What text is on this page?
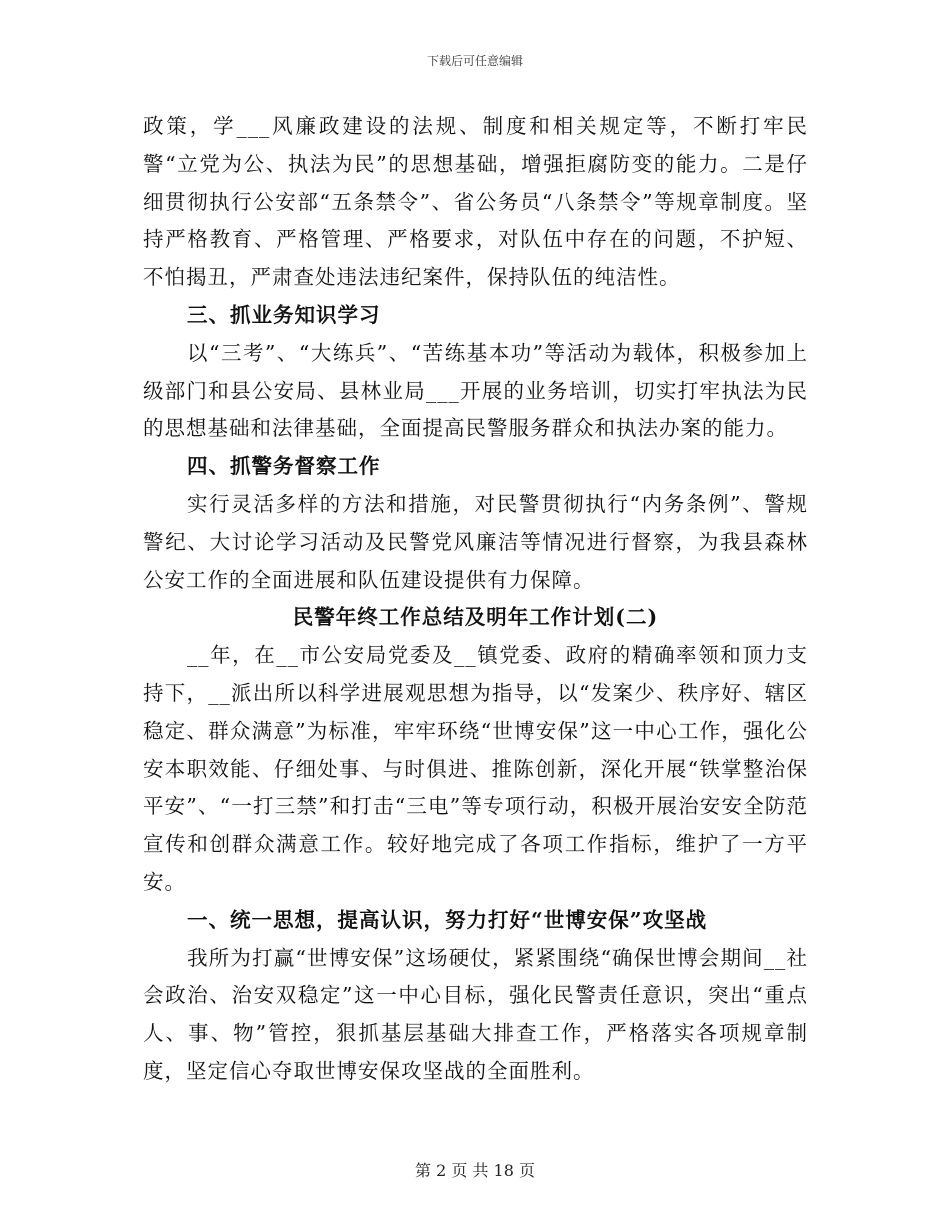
下载后可任意编辑

政策，学___风廉政建设的法规、制度和相关规定等，不断打牢民警“立党为公、执法为民”的思想基础，增强拒腐防变的能力。二是仔细贯彻执行公安部“五条禁令”、省公务员“八条禁令”等规章制度。坚持严格教育、严格管理、严格要求，对队伍中存在的问题，不护短、不怕揭丑，严肃查处违法违纪案件，保持队伍的纯洁性。

三、抓业务知识学习

以“三考”、“大练兵”、“苦练基本功”等活动为载体，积极参加上级部门和县公安局、县林业局___开展的业务培训，切实打牢执法为民的思想基础和法律基础，全面提高民警服务群众和执法办案的能力。

四、抓警务督察工作

实行灵活多样的方法和措施，对民警贯彻执行“内务条例”、警规警纪、大讨论学习活动及民警党风廉洁等情况进行督察，为我县森林公安工作的全面进展和队伍建设提供有力保障。

民警年终工作总结及明年工作计划(二)

__年，在__市公安局党委及__镇党委、政府的精确率领和顶力支持下，__派出所以科学进展观思想为指导，以“发案少、秩序好、辖区稳定、群众满意”为标准，牢牢环绕“世博安保”这一中心工作，强化公安本职效能、仔细处事、与时俱进、推陈创新，深化开展“铁掌整治保平安”、“一打三禁”和打击“三电”等专项行动，积极开展治安安全防范宣传和创群众满意工作。较好地完成了各项工作指标，维护了一方平安。

一、统一思想，提高认识，努力打好“世博安保”攻坚战

我所为打赢“世博安保”这场硬仗，紧紧围绕“确保世博会期间__社会政治、治安双稳定”这一中心目标，强化民警责任意识，突出“重点人、事、物”管控，狠抓基层基础大排查工作，严格落实各项规章制度，坚定信心夺取世博安保攻坚战的全面胜利。

第 2 页 共 18 页
